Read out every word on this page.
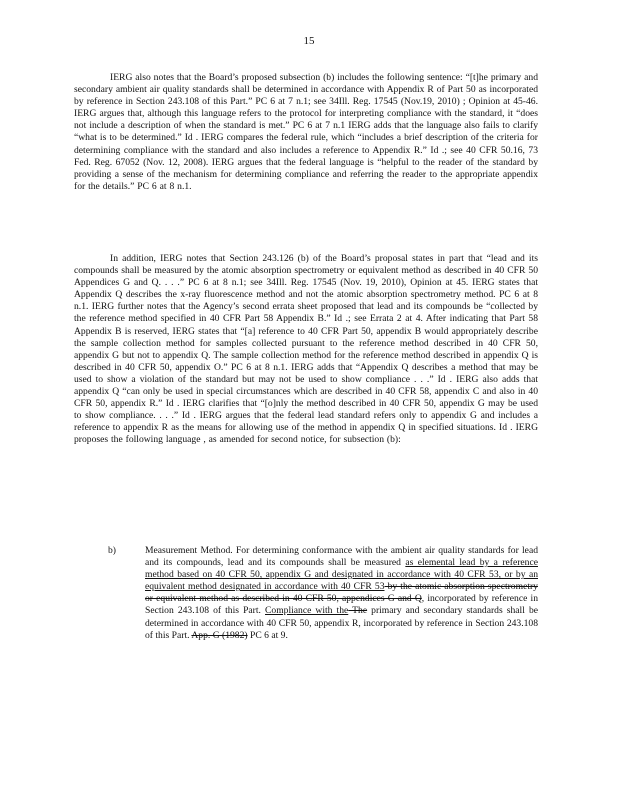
15

IERG also notes that the Board’s proposed subsection (b) includes the following sentence: “[t]he primary and secondary ambient air quality standards shall be determined in accordance with Appendix R of Part 50 as incorporated by reference in Section 243.108 of this Part.” PC 6 at 7 n.1; see 34Ill. Reg. 17545 (Nov.19, 2010) ; Opinion at 45-46. IERG argues that, although this language refers to the protocol for interpreting compliance with the standard, it “does not include a description of when the standard is met.” PC 6 at 7 n.1 IERG adds that the language also fails to clarify “what is to be determined.” Id . IERG compares the federal rule, which “includes a brief description of the criteria for determining compliance with the standard and also includes a reference to Appendix R.” Id .; see 40 CFR 50.16, 73 Fed. Reg. 67052 (Nov. 12, 2008). IERG argues that the federal language is “helpful to the reader of the standard by providing a sense of the mechanism for determining compliance and referring the reader to the appropriate appendix for the details.” PC 6 at 8 n.1.

In addition, IERG notes that Section 243.126 (b) of the Board’s proposal states in part that “lead and its compounds shall be measured by the atomic absorption spectrometry or equivalent method as described in 40 CFR 50 Appendices G and Q. . . .” PC 6 at 8 n.1; see 34Ill. Reg. 17545 (Nov. 19, 2010), Opinion at 45. IERG states that Appendix Q describes the x-ray fluorescence method and not the atomic absorption spectrometry method. PC 6 at 8 n.1. IERG further notes that the Agency’s second errata sheet proposed that lead and its compounds be “collected by the reference method specified in 40 CFR Part 58 Appendix B.” Id .; see Errata 2 at 4. After indicating that Part 58 Appendix B is reserved, IERG states that “[a] reference to 40 CFR Part 50, appendix B would appropriately describe the sample collection method for samples collected pursuant to the reference method described in 40 CFR 50, appendix G but not to appendix Q. The sample collection method for the reference method described in appendix Q is described in 40 CFR 50, appendix O.” PC 6 at 8 n.1. IERG adds that “Appendix Q describes a method that may be used to show a violation of the standard but may not be used to show compliance . . .” Id . IERG also adds that appendix Q “can only be used in special circumstances which are described in 40 CFR 58, appendix C and also in 40 CFR 50, appendix R.” Id . IERG clarifies that “[o]nly the method described in 40 CFR 50, appendix G may be used to show compliance. . . .” Id . IERG argues that the federal lead standard refers only to appendix G and includes a reference to appendix R as the means for allowing use of the method in appendix Q in specified situations. Id . IERG proposes the following language , as amended for second notice, for subsection (b):

b)	Measurement Method. For determining conformance with the ambient air quality standards for lead and its compounds, lead and its compounds shall be measured as elemental lead by a reference method based on 40 CFR 50, appendix G and designated in accordance with 40 CFR 53, or by an equivalent method designated in accordance with 40 CFR 53 by the atomic absorption spectrometry or equivalent method as described in 40 CFR 50, appendices G and Q, incorporated by reference in Section 243.108 of this Part. Compliance with the The primary and secondary standards shall be determined in accordance with 40 CFR 50, appendix R, incorporated by reference in Section 243.108 of this Part. App. G (1982) PC 6 at 9.
